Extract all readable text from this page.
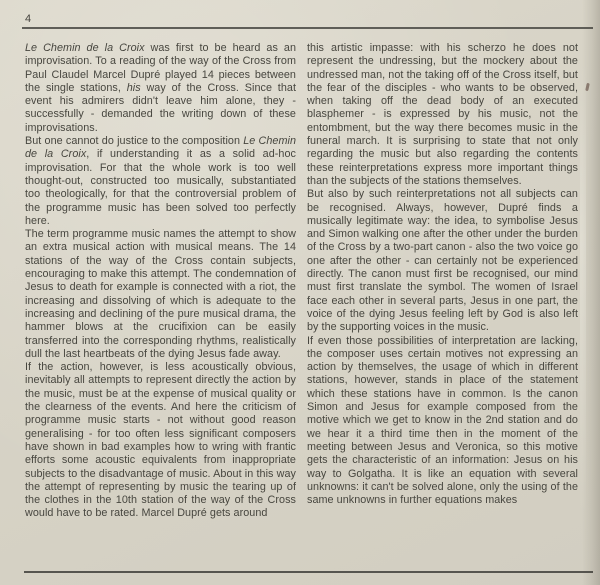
4

Le Chemin de la Croix was first to be heard as an improvisation. To a reading of the way of the Cross from Paul Claudel Marcel Dupré played 14 pieces between the single stations, his way of the Cross. Since that event his admirers didn't leave him alone, they - successfully - demanded the writing down of these improvisations.

But one cannot do justice to the composition Le Chemin de la Croix, if understanding it as a solid ad-hoc improvisation. For that the whole work is too well thought-out, constructed too musically, substantiated too theologically, for that the controversial problem of the programme music has been solved too perfectly here.

The term programme music names the attempt to show an extra musical action with musical means. The 14 stations of the way of the Cross contain subjects, encouraging to make this attempt. The condemnation of Jesus to death for example is connected with a riot, the increasing and dissolving of which is adequate to the increasing and declining of the pure musical drama, the hammer blows at the crucifixion can be easily transferred into the corresponding rhythms, realistically dull the last heartbeats of the dying Jesus fade away.

If the action, however, is less acoustically obvious, inevitably all attempts to represent directly the action by the music, must be at the expense of musical quality or the clearness of the events. And here the criticism of programme music starts - not without good reason generalising - for too often less significant composers have shown in bad examples how to wring with frantic efforts some acoustic equivalents from inappropriate subjects to the disadvantage of music. About in this way the attempt of representing by music the tearing up of the clothes in the 10th station of the way of the Cross would have to be rated. Marcel Dupré gets around

this artistic impasse: with his scherzo he does not represent the undressing, but the mockery about the undressed man, not the taking off of the Cross itself, but the fear of the disciples - who wants to be observed, when taking off the dead body of an executed blasphemer - is expressed by his music, not the entombment, but the way there becomes music in the funeral march. It is surprising to state that not only regarding the music but also regarding the contents these reinterpretations express more important things than the subjects of the stations themselves.

But also by such reinterpretations not all subjects can be recognised. Always, however, Dupré finds a musically legitimate way: the idea, to symbolise Jesus and Simon walking one after the other under the burden of the Cross by a two-part canon - also the two voice go one after the other - can certainly not be experienced directly. The canon must first be recognised, our mind must first translate the symbol. The women of Israel face each other in several parts, Jesus in one part, the voice of the dying Jesus feeling left by God is also left by the supporting voices in the music.

If even those possibilities of interpretation are lacking, the composer uses certain motives not expressing an action by themselves, the usage of which in different stations, however, stands in place of the statement which these stations have in common. Is the canon Simon and Jesus for example composed from the motive which we get to know in the 2nd station and do we hear it a third time then in the moment of the meeting between Jesus and Veronica, so this motive gets the characteristic of an information: Jesus on his way to Golgatha. It is like an equation with several unknowns: it can't be solved alone, only the using of the same unknowns in further equations makes
